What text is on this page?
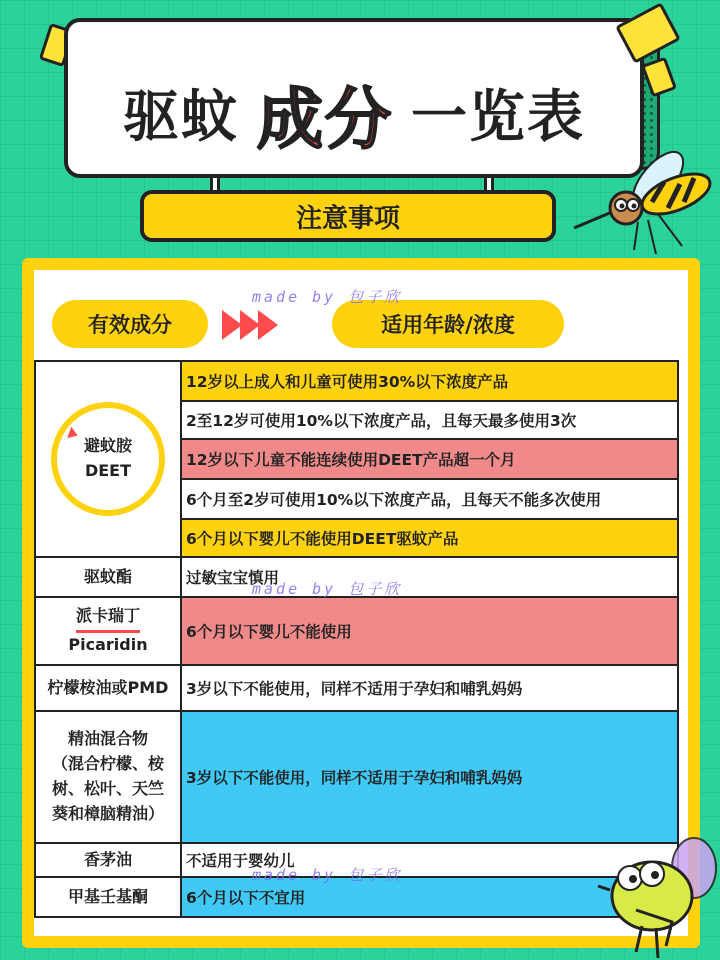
驱蚊 成分 一览表
注意事项
有效成分	适用年龄/浓度
避蚊胺
DEET	12岁以上成人和儿童可使用30%以下浓度产品
	2至12岁可使用10%以下浓度产品，且每天最多使用3次
	12岁以下儿童不能连续使用DEET产品超一个月
	6个月至2岁可使用10%以下浓度产品，且每天不能多次使用
	6个月以下婴儿不能使用DEET驱蚊产品
驱蚊酯	过敏宝宝慎用
派卡瑞丁
Picaridin	6个月以下婴儿不能使用
柠檬桉油或PMD	3岁以下不能使用，同样不适用于孕妇和哺乳妈妈
精油混合物
（混合柠檬、桉
树、松叶、天竺
葵和樟脑精油）	3岁以下不能使用，同样不适用于孕妇和哺乳妈妈
香茅油	不适用于婴幼儿
甲基壬基酮	6个月以下不宜用
made by 包子欣
made by 包子欣
made by 包子欣
